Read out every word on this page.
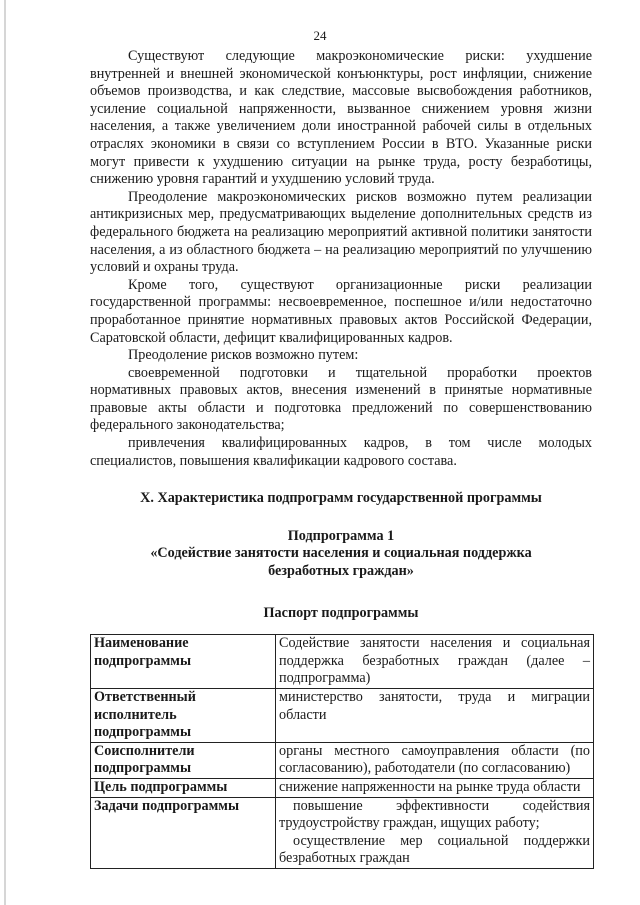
24

Существуют следующие макроэкономические риски: ухудшение внутренней и внешней экономической конъюнктуры, рост инфляции, снижение объемов производства, и как следствие, массовые высвобождения работников, усиление социальной напряженности, вызванное снижением уровня жизни населения, а также увеличением доли иностранной рабочей силы в отдельных отраслях экономики в связи со вступлением России в ВТО. Указанные риски могут привести к ухудшению ситуации на рынке труда, росту безработицы, снижению уровня гарантий и ухудшению условий труда.

Преодоление макроэкономических рисков возможно путем реализации антикризисных мер, предусматривающих выделение дополнительных средств из федерального бюджета на реализацию мероприятий активной политики занятости населения, а из областного бюджета – на реализацию мероприятий по улучшению условий и охраны труда.

Кроме того, существуют организационные риски реализации государственной программы: несвоевременное, поспешное и/или недостаточно проработанное принятие нормативных правовых актов Российской Федерации, Саратовской области, дефицит квалифицированных кадров.

Преодоление рисков возможно путем:

своевременной подготовки и тщательной проработки проектов нормативных правовых актов, внесения изменений в принятые нормативные правовые акты области и подготовка предложений по совершенствованию федерального законодательства;

привлечения квалифицированных кадров, в том числе молодых специалистов, повышения квалификации кадрового состава.

X. Характеристика подпрограмм государственной программы
Подпрограмма 1
«Содействие занятости населения и социальная поддержка
безработных граждан»
Паспорт подпрограммы
Наименование подпрограммы	Содействие занятости населения и социальная поддержка безработных граждан (далее – подпрограмма)
Ответственный исполнитель подпрограммы	министерство занятости, труда и миграции области
Соисполнители подпрограммы	органы местного самоуправления области (по согласованию), работодатели (по согласованию)
Цель подпрограммы	снижение напряженности на рынке труда области
Задачи подпрограммы	повышение эффективности содействия трудоустройству граждан, ищущих работу;
осуществление мер социальной поддержки безработных граждан
